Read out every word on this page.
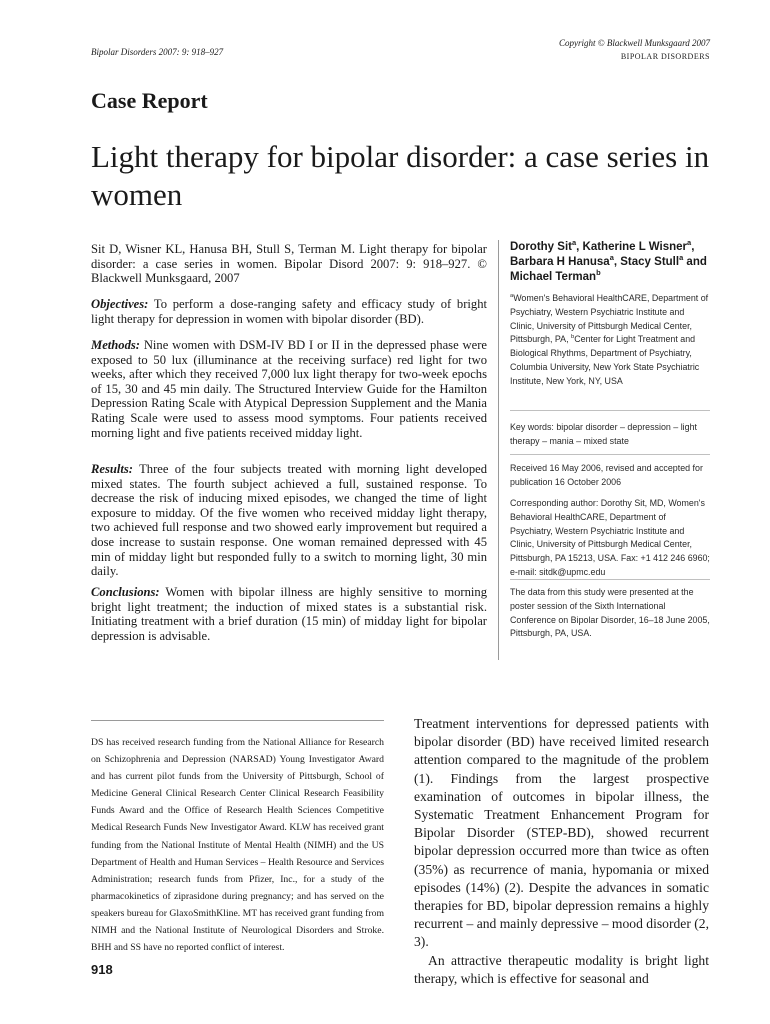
Bipolar Disorders 2007: 9: 918–927
Copyright © Blackwell Munksgaard 2007
BIPOLAR DISORDERS
Case Report
Light therapy for bipolar disorder: a case series in women

Sit D, Wisner KL, Hanusa BH, Stull S, Terman M. Light therapy for bipolar disorder: a case series in women. Bipolar Disord 2007: 9: 918–927. © Blackwell Munksgaard, 2007

Objectives: To perform a dose-ranging safety and efficacy study of bright light therapy for depression in women with bipolar disorder (BD).

Methods: Nine women with DSM-IV BD I or II in the depressed phase were exposed to 50 lux (illuminance at the receiving surface) red light for two weeks, after which they received 7,000 lux light therapy for two-week epochs of 15, 30 and 45 min daily. The Structured Interview Guide for the Hamilton Depression Rating Scale with Atypical Depression Supplement and the Mania Rating Scale were used to assess mood symptoms. Four patients received morning light and five patients received midday light.

Results: Three of the four subjects treated with morning light developed mixed states. The fourth subject achieved a full, sustained response. To decrease the risk of inducing mixed episodes, we changed the time of light exposure to midday. Of the five women who received midday light therapy, two achieved full response and two showed early improvement but required a dose increase to sustain response. One woman remained depressed with 45 min of midday light but responded fully to a switch to morning light, 30 min daily.

Conclusions: Women with bipolar illness are highly sensitive to morning bright light treatment; the induction of mixed states is a substantial risk. Initiating treatment with a brief duration (15 min) of midday light for bipolar depression is advisable.

Dorothy Sit$^a$, Katherine L Wisner$^a$, Barbara H Hanusa$^a$, Stacy Stull$^a$ and Michael Terman$^b$

$^a$Women's Behavioral HealthCARE, Department of Psychiatry, Western Psychiatric Institute and Clinic, University of Pittsburgh Medical Center, Pittsburgh, PA, $^b$Center for Light Treatment and Biological Rhythms, Department of Psychiatry, Columbia University, New York State Psychiatric Institute, New York, NY, USA

Key words: bipolar disorder – depression – light therapy – mania – mixed state

Received 16 May 2006, revised and accepted for publication 16 October 2006

Corresponding author: Dorothy Sit, MD, Women's Behavioral HealthCARE, Department of Psychiatry, Western Psychiatric Institute and Clinic, University of Pittsburgh Medical Center, Pittsburgh, PA 15213, USA. Fax: +1 412 246 6960;

e-mail: sitdk@upmc.edu

The data from this study were presented at the poster session of the Sixth International Conference on Bipolar Disorder, 16–18 June 2005, Pittsburgh, PA, USA.

DS has received research funding from the National Alliance for Research on Schizophrenia and Depression (NARSAD) Young Investigator Award and has current pilot funds from the University of Pittsburgh, School of Medicine General Clinical Research Center Clinical Research Feasibility Funds Award and the Office of Research Health Sciences Competitive Medical Research Funds New Investigator Award. KLW has received grant funding from the National Institute of Mental Health (NIMH) and the US Department of Health and Human Services – Health Resource and Services Administration; research funds from Pfizer, Inc., for a study of the pharmacokinetics of ziprasidone during pregnancy; and has served on the speakers bureau for GlaxoSmithKline. MT has received grant funding from NIMH and the National Institute of Neurological Disorders and Stroke. BHH and SS have no reported conflict of interest.

Treatment interventions for depressed patients with bipolar disorder (BD) have received limited research attention compared to the magnitude of the problem (1). Findings from the largest prospective examination of outcomes in bipolar illness, the Systematic Treatment Enhancement Program for Bipolar Disorder (STEP-BD), showed recurrent bipolar depression occurred more than twice as often (35%) as recurrence of mania, hypomania or mixed episodes (14%) (2). Despite the advances in somatic therapies for BD, bipolar depression remains a highly recurrent – and mainly depressive – mood disorder (2, 3).

An attractive therapeutic modality is bright light therapy, which is effective for seasonal and

918
